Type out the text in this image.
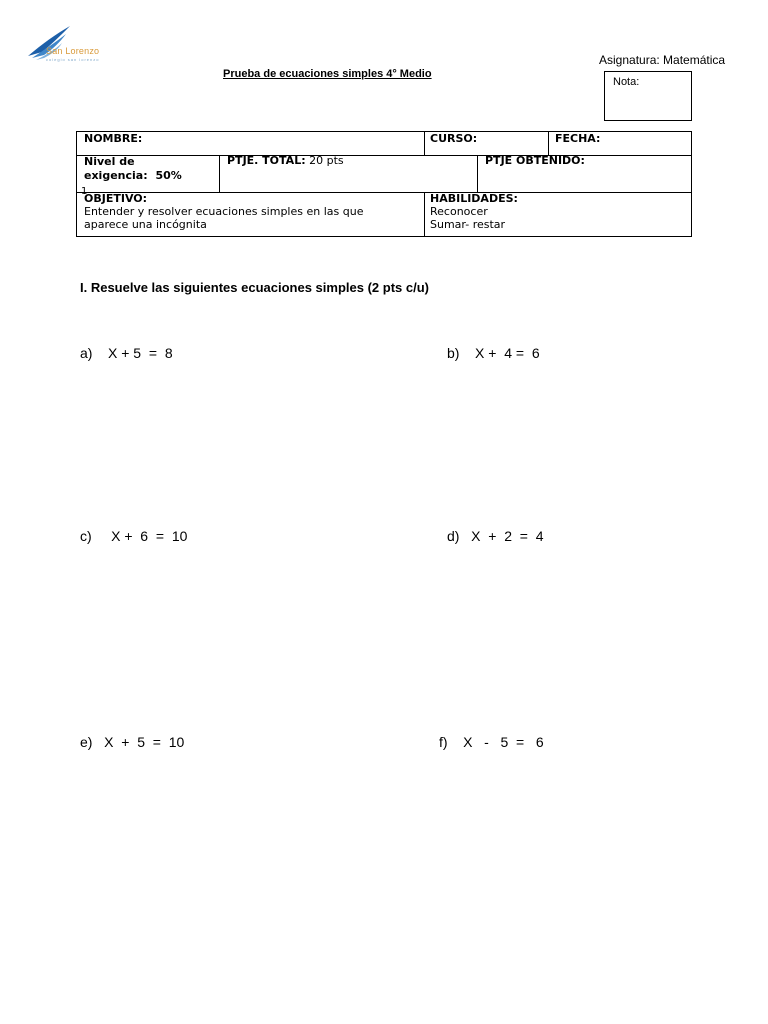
San Lorenzo
colegio san lorenzo	Asignatura: Matemática
Prueba de ecuaciones simples 4° Medio
Nota:
NOMBRE:	CURSO:	FECHA:
Nivel de
exigencia: 50%
1
PTJE. TOTAL: 20 pts	PTJE OBTENIDO:
OBJETIVO:
Entender y resolver ecuaciones simples en las que
aparece una incógnita
HABILIDADES:
Reconocer
Sumar- restar
I. Resuelve las siguientes ecuaciones simples (2 pts c/u)
a)    X + 5  =  8	b)    X +  4 =  6
c)     X +  6  =  10	d)   X  +  2  =  4
e)   X  +  5  =  10	f)    X   -   5  =   6
